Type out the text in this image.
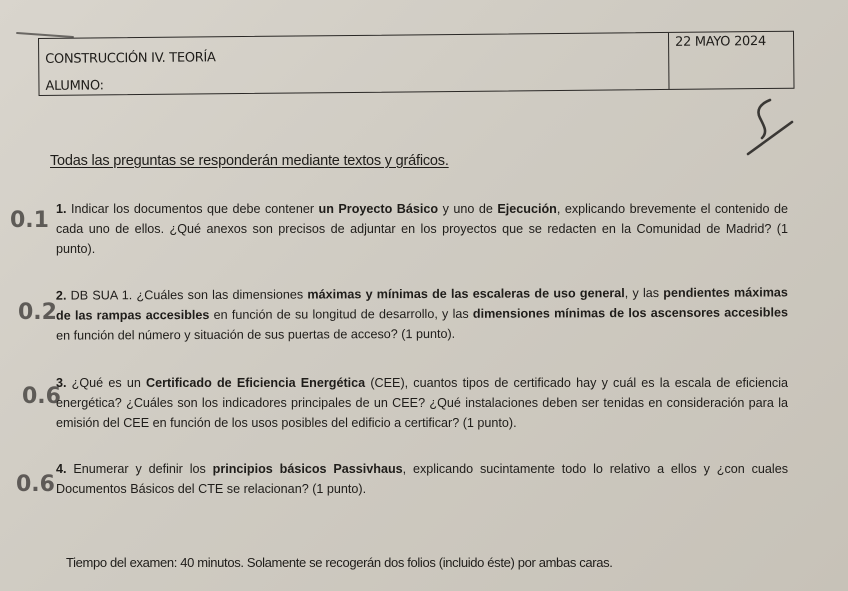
CONSTRUCCIÓN IV. TEORÍA
ALUMNO:
22 MAYO 2024
Todas las preguntas se responderán mediante textos y gráficos.
0.1 1. Indicar los documentos que debe contener un Proyecto Básico y uno de Ejecución, explicando brevemente el contenido de cada uno de ellos. ¿Qué anexos son precisos de adjuntar en los proyectos que se redacten en la Comunidad de Madrid? (1 punto).
0.2
2. DB SUA 1. ¿Cuáles son las dimensiones máximas y mínimas de las escaleras de uso general, y las pendientes máximas de las rampas accesibles en función de su longitud de desarrollo, y las dimensiones mínimas de los ascensores accesibles en función del número y situación de sus puertas de acceso? (1 punto).
0.6
3. ¿Qué es un Certificado de Eficiencia Energética (CEE), cuantos tipos de certificado hay y cuál es la escala de eficiencia energética? ¿Cuáles son los indicadores principales de un CEE? ¿Qué instalaciones deben ser tenidas en consideración para la emisión del CEE en función de los usos posibles del edificio a certificar? (1 punto).
0.6
4. Enumerar y definir los principios básicos Passivhaus, explicando sucintamente todo lo relativo a ellos y ¿con cuales Documentos Básicos del CTE se relacionan? (1 punto).
Tiempo del examen: 40 minutos. Solamente se recogerán dos folios (incluido éste) por ambas caras.
